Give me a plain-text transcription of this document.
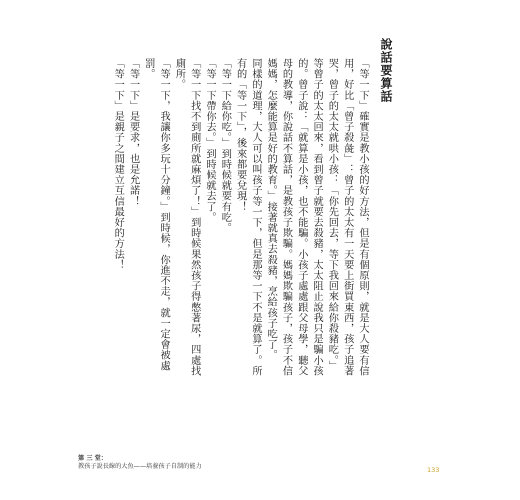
說話要算話
「等一下」確實是教小孩的好方法，但是有個原則，就是大人要有信用，好比「曾子殺彘」：曾子的太太有一天要上街買東西，孩子追著哭，曾子的太太就哄小孩：「你先回去，等下我回來給你殺豬吃。」
等曾子的太太回來，看到曾子就要去殺豬，太太阻止說我只是騙小孩的。曾子說：「就算是小孩，也不能騙。小孩子處處跟父母學，聽父母的教導，你說話不算話，是教孩子欺騙。媽媽欺騙孩子，孩子不信媽媽，怎麼能算是好的教育。」接著就真去殺豬，烹給孩子吃了。
同樣的道理，大人可以叫孩子等一下，但是那等一下不是就算了。所有的「等一下」，後來都要兌現！
「等一下給你吃。」到時候就要有吃。
「等一下帶你去。」到時候就去了。
「等一下找不到廁所就麻煩了！」到時候果然孩子得憋著尿，四處找廁所。
「等一下，我讓你多玩十分鐘。」到時候，你進不走，就一定會被處罰。
「等一下」是要求，也是允諾！
「等一下」是親子之間建立互信最好的方法！
第 三 堂：
教孩子說長線的大魚——培養孩子自制的能力	133
